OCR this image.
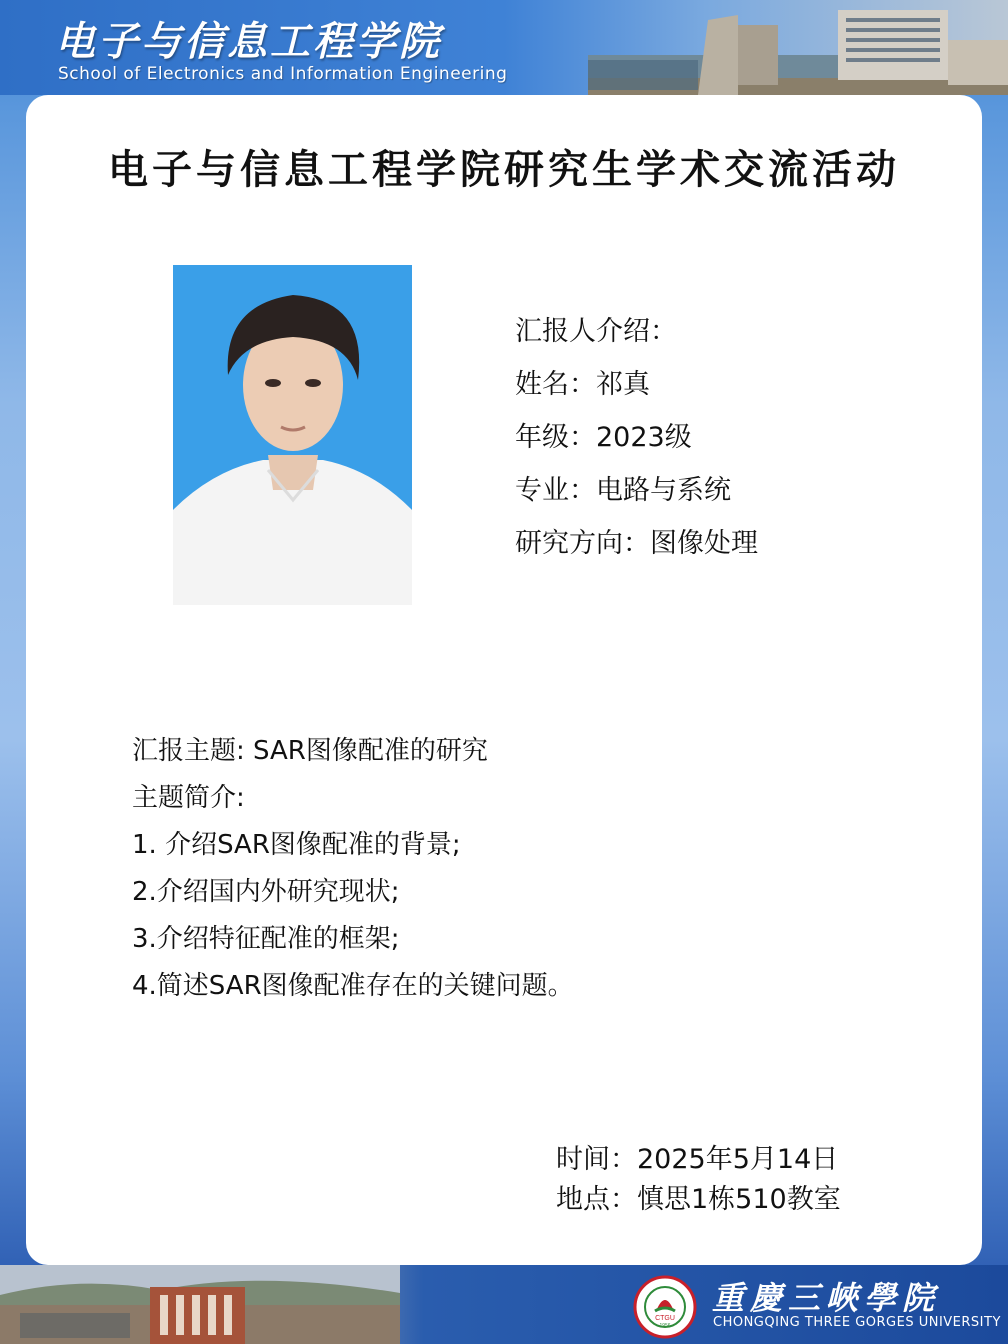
电子与信息工程学院
School of Electronics and Information Engineering
电子与信息工程学院研究生学术交流活动
汇报人介绍：
姓名：祁真
年级：2023级
专业：电路与系统
研究方向：图像处理
汇报主题: SAR图像配准的研究
主题简介:
1. 介绍SAR图像配准的背景;
2.介绍国内外研究现状;
3.介绍特征配准的框架;
4.简述SAR图像配准存在的关键问题。
时间：2025年5月14日
地点：慎思1栋510教室
CTGU
1956
重慶三峽學院
CHONGQING THREE GORGES UNIVERSITY
